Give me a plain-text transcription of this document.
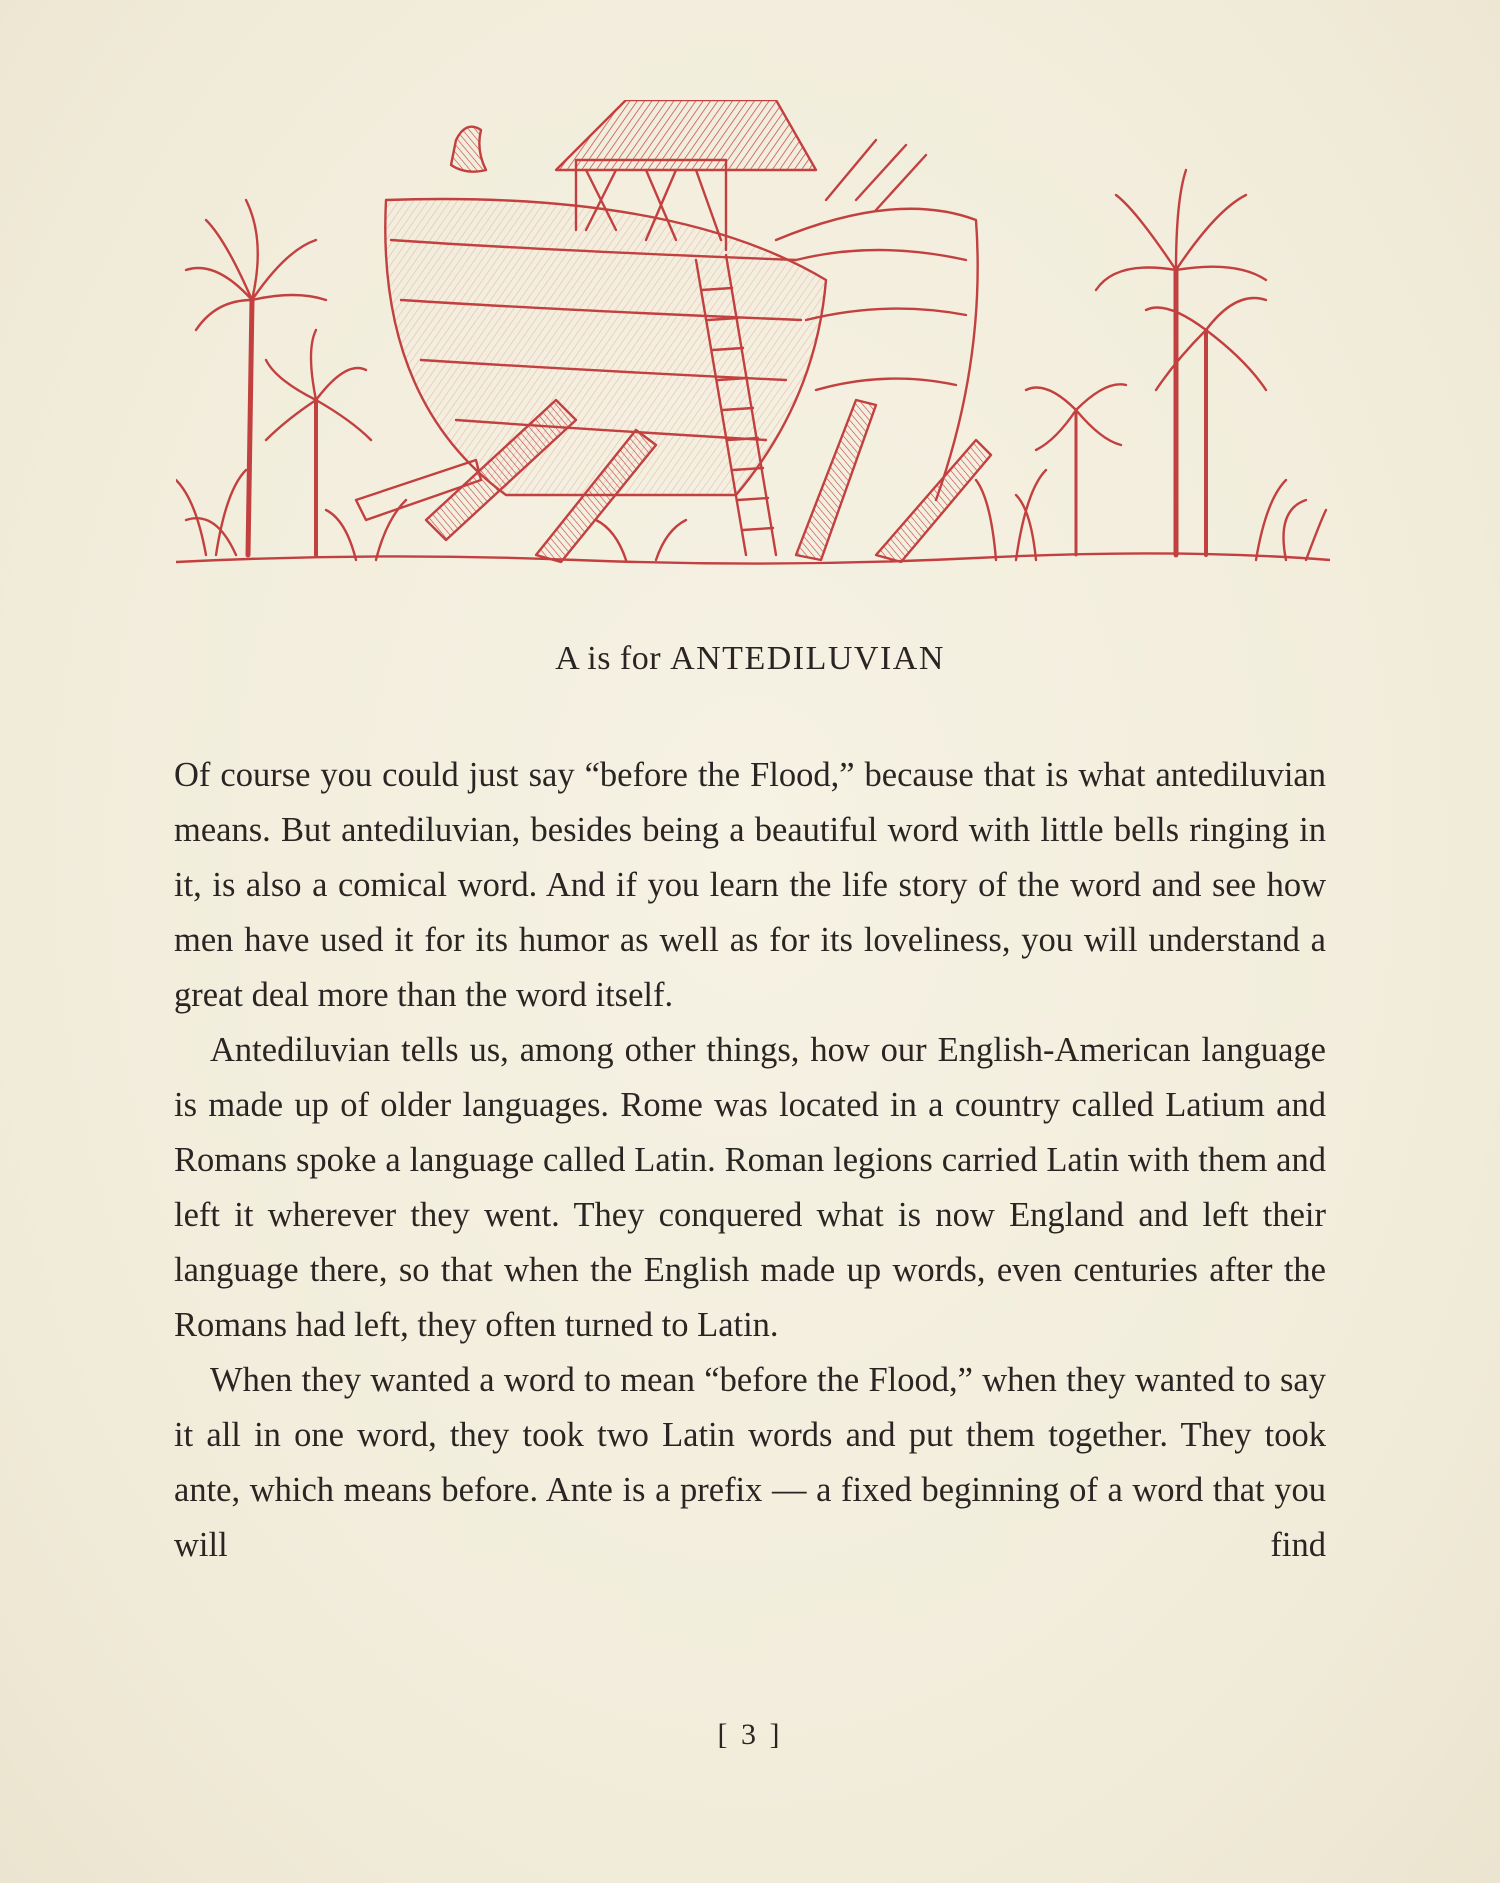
A is for ANTEDILUVIAN

Of course you could just say “before the Flood,” because that is what antediluvian means. But antediluvian, besides being a beautiful word with little bells ringing in it, is also a comical word. And if you learn the life story of the word and see how men have used it for its humor as well as for its loveliness, you will understand a great deal more than the word itself.

Antediluvian tells us, among other things, how our English-American language is made up of older languages. Rome was located in a country called Latium and Romans spoke a language called Latin. Roman legions carried Latin with them and left it wherever they went. They conquered what is now England and left their language there, so that when the English made up words, even centuries after the Romans had left, they often turned to Latin.

When they wanted a word to mean “before the Flood,” when they wanted to say it all in one word, they took two Latin words and put them together. They took ante, which means before. Ante is a prefix — a fixed beginning of a word that you will find

[ 3 ]
